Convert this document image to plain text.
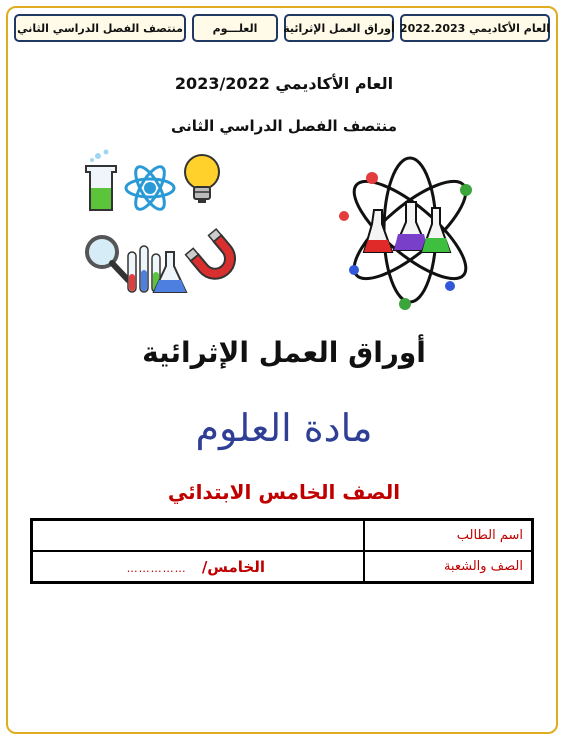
العام الأكاديمي 2022.2023
أوراق العمل الإثرائية
العلـــوم
منتصف الفصل الدراسي الثاني
العام الأكاديمي 2023/2022
منتصف الفصل الدراسي الثانى
أوراق العمل الإثرائية
مادة العلوم
الصف الخامس الابتدائي
	اسم الطالب
الخامس/ ……………	الصف والشعبة
